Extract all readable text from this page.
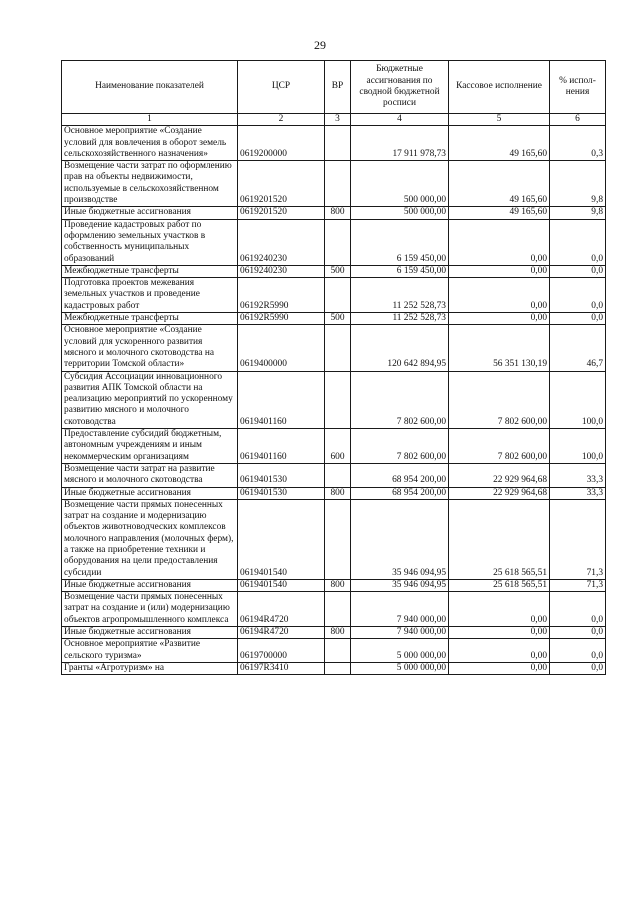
29
Наименование показателей	ЦСР	ВР	Бюджетные ассигнования по сводной бюджетной росписи	Кассовое исполнение	% испол-нения
1	2	3	4	5	6
Основное мероприятие «Создание условий для вовлечения в оборот земель сельскохозяйственного назначения»	0619200000		17 911 978,73	49 165,60	0,3
Возмещение части затрат по оформлению прав на объекты недвижимости, используемые в сельскохозяйственном производстве	0619201520		500 000,00	49 165,60	9,8
Иные бюджетные ассигнования	0619201520	800	500 000,00	49 165,60	9,8
Проведение кадастровых работ по оформлению земельных участков в собственность муниципальных образований	0619240230		6 159 450,00	0,00	0,0
Межбюджетные трансферты	0619240230	500	6 159 450,00	0,00	0,0
Подготовка проектов межевания земельных участков и проведение кадастровых работ	06192R5990		11 252 528,73	0,00	0,0
Межбюджетные трансферты	06192R5990	500	11 252 528,73	0,00	0,0
Основное мероприятие «Создание условий для ускоренного развития мясного и молочного скотоводства на территории Томской области»	0619400000		120 642 894,95	56 351 130,19	46,7
Субсидия Ассоциации инновационного развития АПК Томской области на реализацию мероприятий по ускоренному развитию мясного и молочного скотоводства	0619401160		7 802 600,00	7 802 600,00	100,0
Предоставление субсидий бюджетным, автономным учреждениям и иным некоммерческим организациям	0619401160	600	7 802 600,00	7 802 600,00	100,0
Возмещение части затрат на развитие мясного и молочного скотоводства	0619401530		68 954 200,00	22 929 964,68	33,3
Иные бюджетные ассигнования	0619401530	800	68 954 200,00	22 929 964,68	33,3
Возмещение части прямых понесенных затрат на создание и модернизацию объектов животноводческих комплексов молочного направления (молочных ферм), а также на приобретение техники и оборудования на цели предоставления субсидии	0619401540		35 946 094,95	25 618 565,51	71,3
Иные бюджетные ассигнования	0619401540	800	35 946 094,95	25 618 565,51	71,3
Возмещение части прямых понесенных затрат на создание и (или) модернизацию объектов агропромышленного комплекса	06194R4720		7 940 000,00	0,00	0,0
Иные бюджетные ассигнования	06194R4720	800	7 940 000,00	0,00	0,0
Основное мероприятие «Развитие сельского туризма»	0619700000		5 000 000,00	0,00	0,0
Гранты «Агротуризм» на	06197R3410		5 000 000,00	0,00	0,0
